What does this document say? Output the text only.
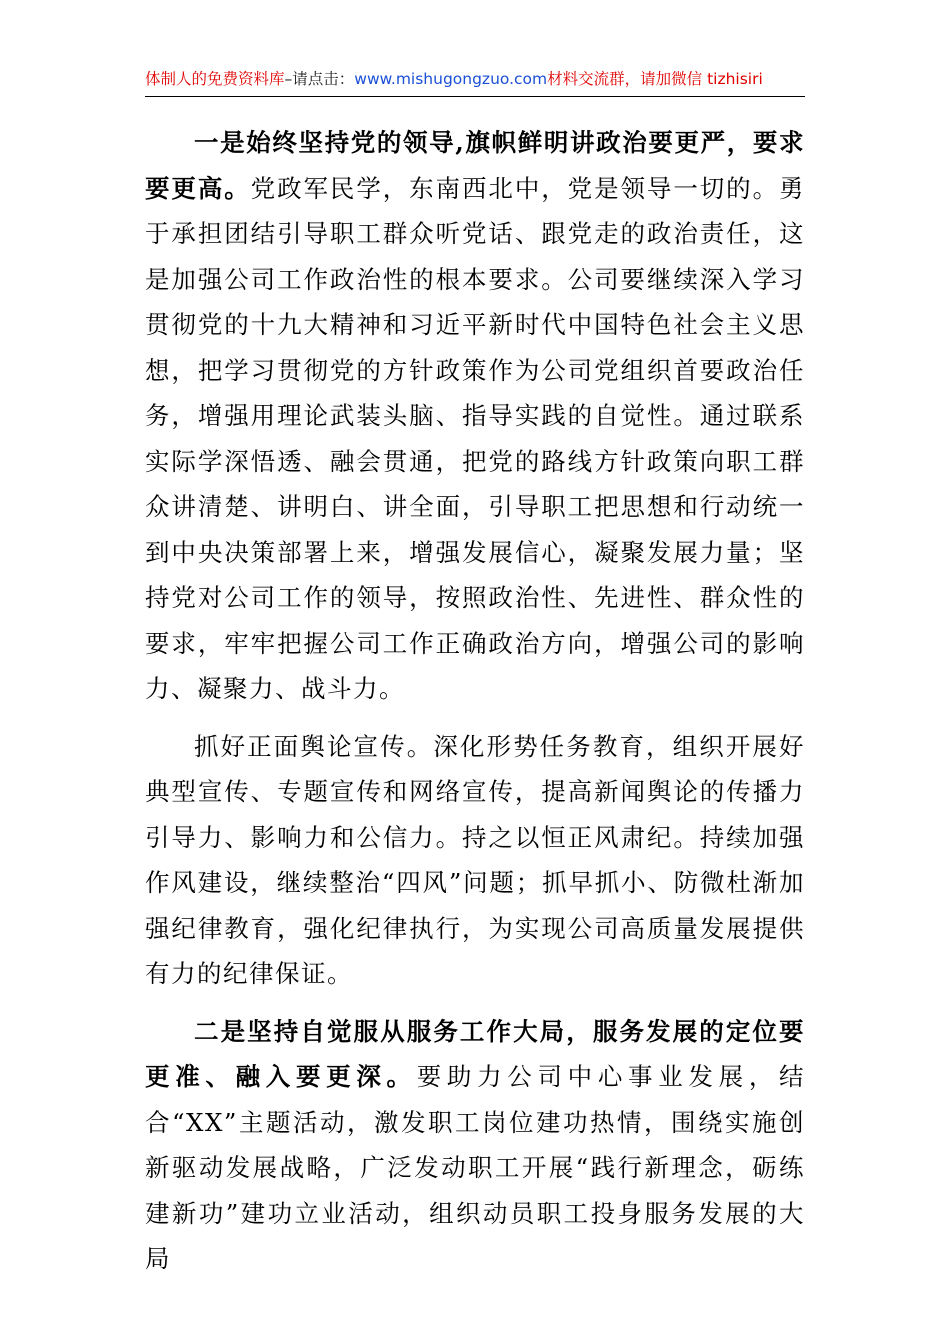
体制人的免费资料库–请点击：www.mishugongzuo.com材料交流群，请加微信 tizhisiri

一是始终坚持党的领导,旗帜鲜明讲政治要更严，要求要更高。党政军民学，东南西北中，党是领导一切的。勇于承担团结引导职工群众听党话、跟党走的政治责任，这是加强公司工作政治性的根本要求。公司要继续深入学习贯彻党的十九大精神和习近平新时代中国特色社会主义思想，把学习贯彻党的方针政策作为公司党组织首要政治任务，增强用理论武装头脑、指导实践的自觉性。通过联系实际学深悟透、融会贯通，把党的路线方针政策向职工群众讲清楚、讲明白、讲全面，引导职工把思想和行动统一到中央决策部署上来，增强发展信心，凝聚发展力量；坚持党对公司工作的领导，按照政治性、先进性、群众性的要求，牢牢把握公司工作正确政治方向，增强公司的影响力、凝聚力、战斗力。

抓好正面舆论宣传。深化形势任务教育，组织开展好典型宣传、专题宣传和网络宣传，提高新闻舆论的传播力引导力、影响力和公信力。持之以恒正风肃纪。持续加强作风建设，继续整治“四风”问题；抓早抓小、防微杜渐加强纪律教育，强化纪律执行，为实现公司高质量发展提供有力的纪律保证。

二是坚持自觉服从服务工作大局，服务发展的定位要更准、融入要更深。要助力公司中心事业发展，结合“XX”主题活动，激发职工岗位建功热情，围绕实施创新驱动发展战略，广泛发动职工开展“践行新理念，砺练建新功”建功立业活动，组织动员职工投身服务发展的大局
